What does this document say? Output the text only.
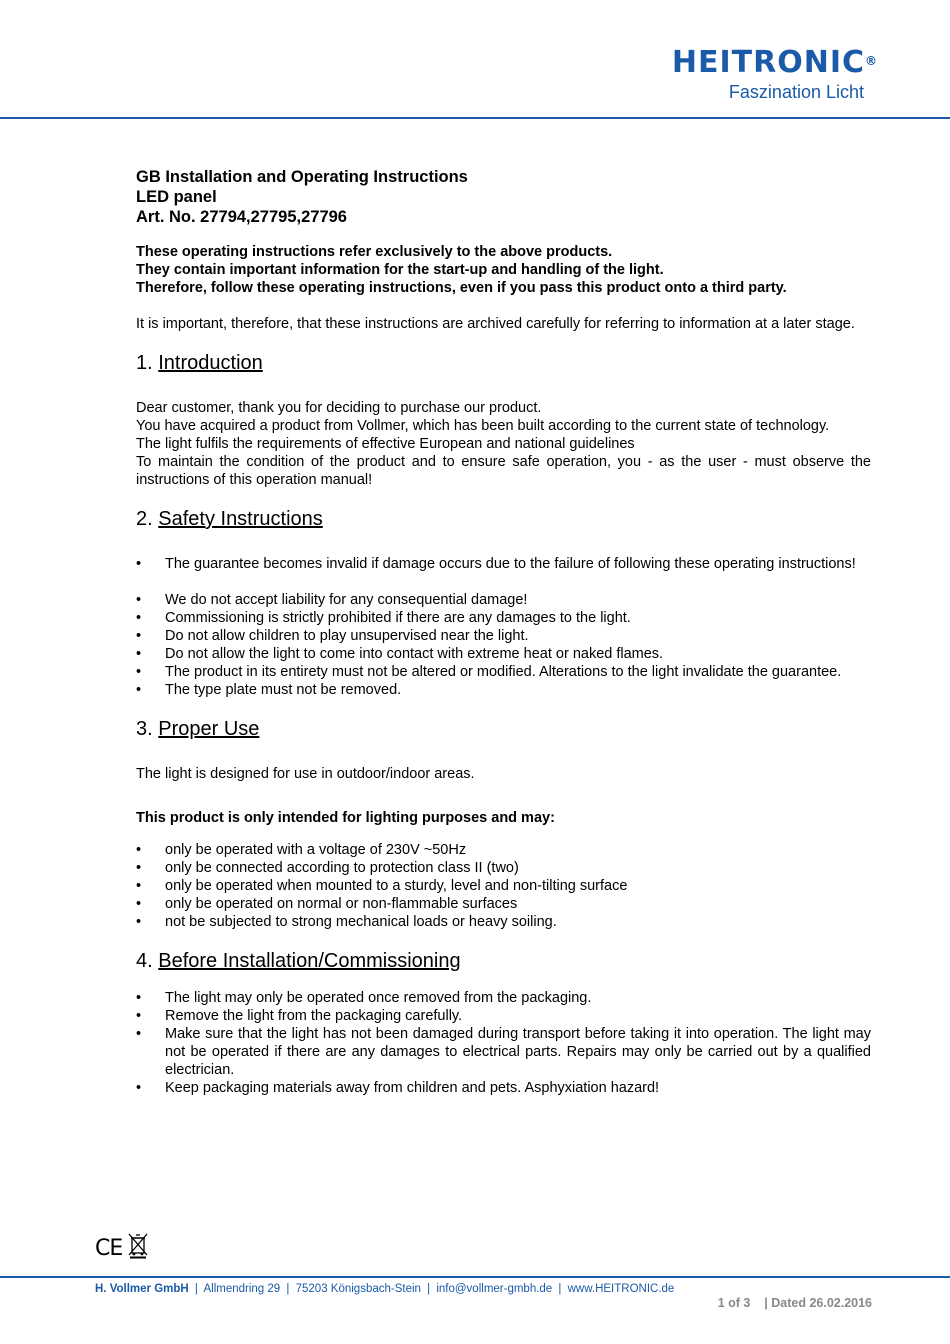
HEITRONIC®
Faszination Licht

GB Installation and Operating Instructions

LED panel

Art. No. 27794,27795,27796

These operating instructions refer exclusively to the above products.
They contain important information for the start-up and handling of the light.
Therefore, follow these operating instructions, even if you pass this product onto a third party.

It is important, therefore, that these instructions are archived carefully for referring to information at a later stage.

1. Introduction

Dear customer, thank you for deciding to purchase our product.

You have acquired a product from Vollmer, which has been built according to the current state of technology.

The light fulfils the requirements of effective European and national guidelines

To maintain the condition of the product and to ensure safe operation, you - as the user - must observe the instructions of this operation manual!

2. Safety Instructions
• The guarantee becomes invalid if damage occurs due to the failure of following these operating instructions!
• We do not accept liability for any consequential damage!
• Commissioning is strictly prohibited if there are any damages to the light.
• Do not allow children to play unsupervised near the light.
• Do not allow the light to come into contact with extreme heat or naked flames.
• The product in its entirety must not be altered or modified. Alterations to the light invalidate the guarantee.
• The type plate must not be removed.
3. Proper Use

The light is designed for use in outdoor/indoor areas.

This product is only intended for lighting purposes and may:

• only be operated with a voltage of 230V ~50Hz
• only be connected according to protection class II (two)
• only be operated when mounted to a sturdy, level and non-tilting surface
• only be operated on normal or non-flammable surfaces
• not be subjected to strong mechanical loads or heavy soiling.
4. Before Installation/Commissioning
• The light may only be operated once removed from the packaging.
• Remove the light from the packaging carefully.
• Make sure that the light has not been damaged during transport before taking it into operation. The light may not be operated if there are any damages to electrical parts. Repairs may only be carried out by a qualified electrician.
• Keep packaging materials away from children and pets. Asphyxiation hazard!
CE
H. Vollmer GmbH | Allmendring 29 | 75203 Königsbach-Stein | info@vollmer-gmbh.de | www.HEITRONIC.de
1 of 3 | Dated 26.02.2016
